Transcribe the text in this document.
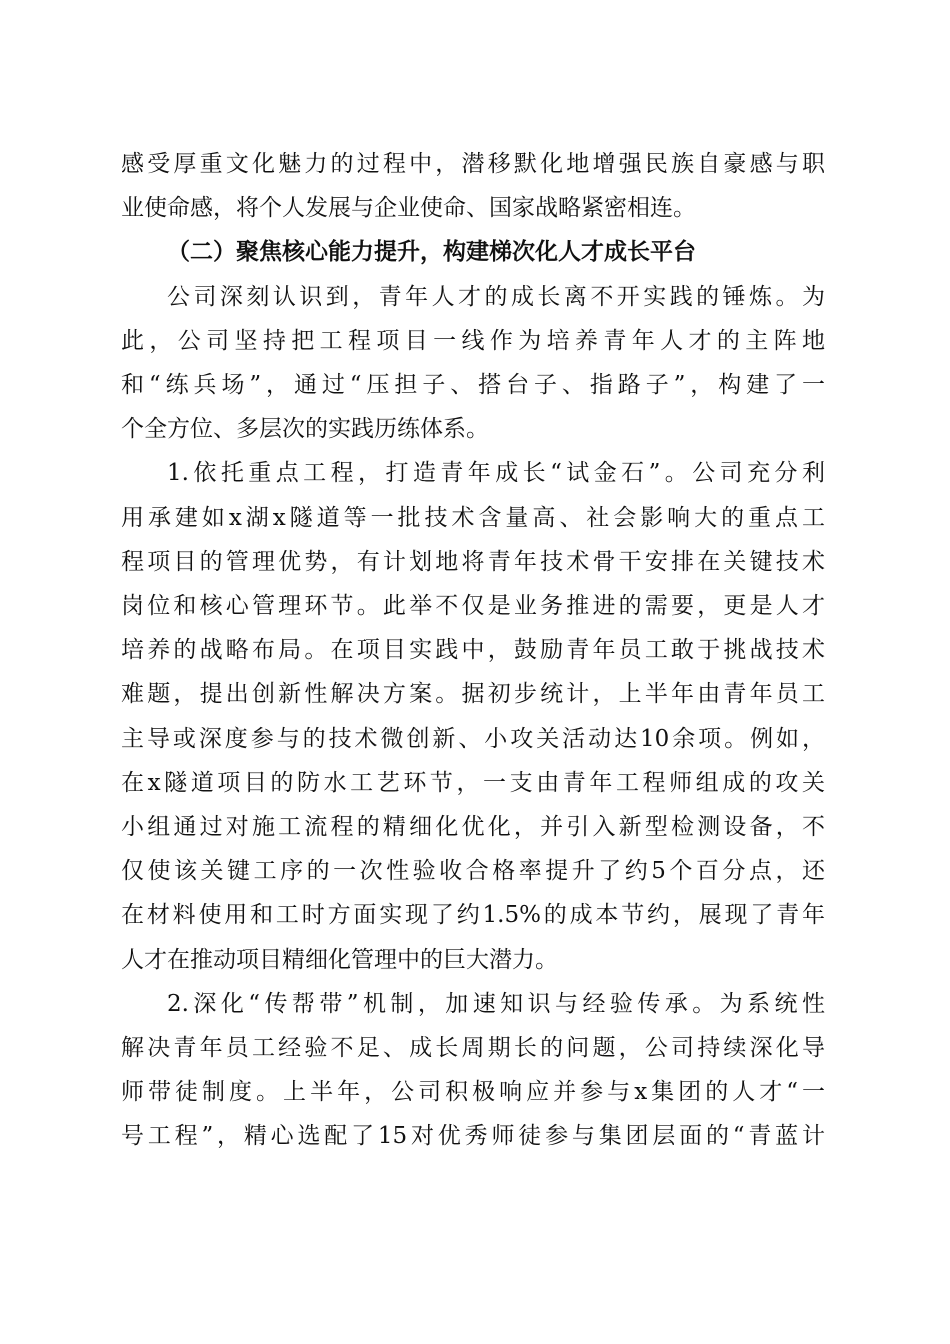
感受厚重文化魅力的过程中，潜移默化地增强民族自豪感与职
业使命感，将个人发展与企业使命、国家战略紧密相连。

（二）聚焦核心能力提升，构建梯次化人才成长平台

公司深刻认识到，青年人才的成长离不开实践的锤炼。为
此，公司坚持把工程项目一线作为培养青年人才的主阵地
和“练兵场”，通过“压担子、搭台子、指路子”，构建了一
个全方位、多层次的实践历练体系。

1.依托重点工程，打造青年成长“试金石”。公司充分利
用承建如x湖x隧道等一批技术含量高、社会影响大的重点工
程项目的管理优势，有计划地将青年技术骨干安排在关键技术
岗位和核心管理环节。此举不仅是业务推进的需要，更是人才
培养的战略布局。在项目实践中，鼓励青年员工敢于挑战技术
难题，提出创新性解决方案。据初步统计，上半年由青年员工
主导或深度参与的技术微创新、小攻关活动达10余项。例如，
在x隧道项目的防水工艺环节，一支由青年工程师组成的攻关
小组通过对施工流程的精细化优化，并引入新型检测设备，不
仅使该关键工序的一次性验收合格率提升了约5个百分点，还
在材料使用和工时方面实现了约1.5%的成本节约，展现了青年
人才在推动项目精细化管理中的巨大潜力。

2.深化“传帮带”机制，加速知识与经验传承。为系统性
解决青年员工经验不足、成长周期长的问题，公司持续深化导
师带徒制度。上半年，公司积极响应并参与x集团的人才“一
号工程”，精心选配了15对优秀师徒参与集团层面的“青蓝计
